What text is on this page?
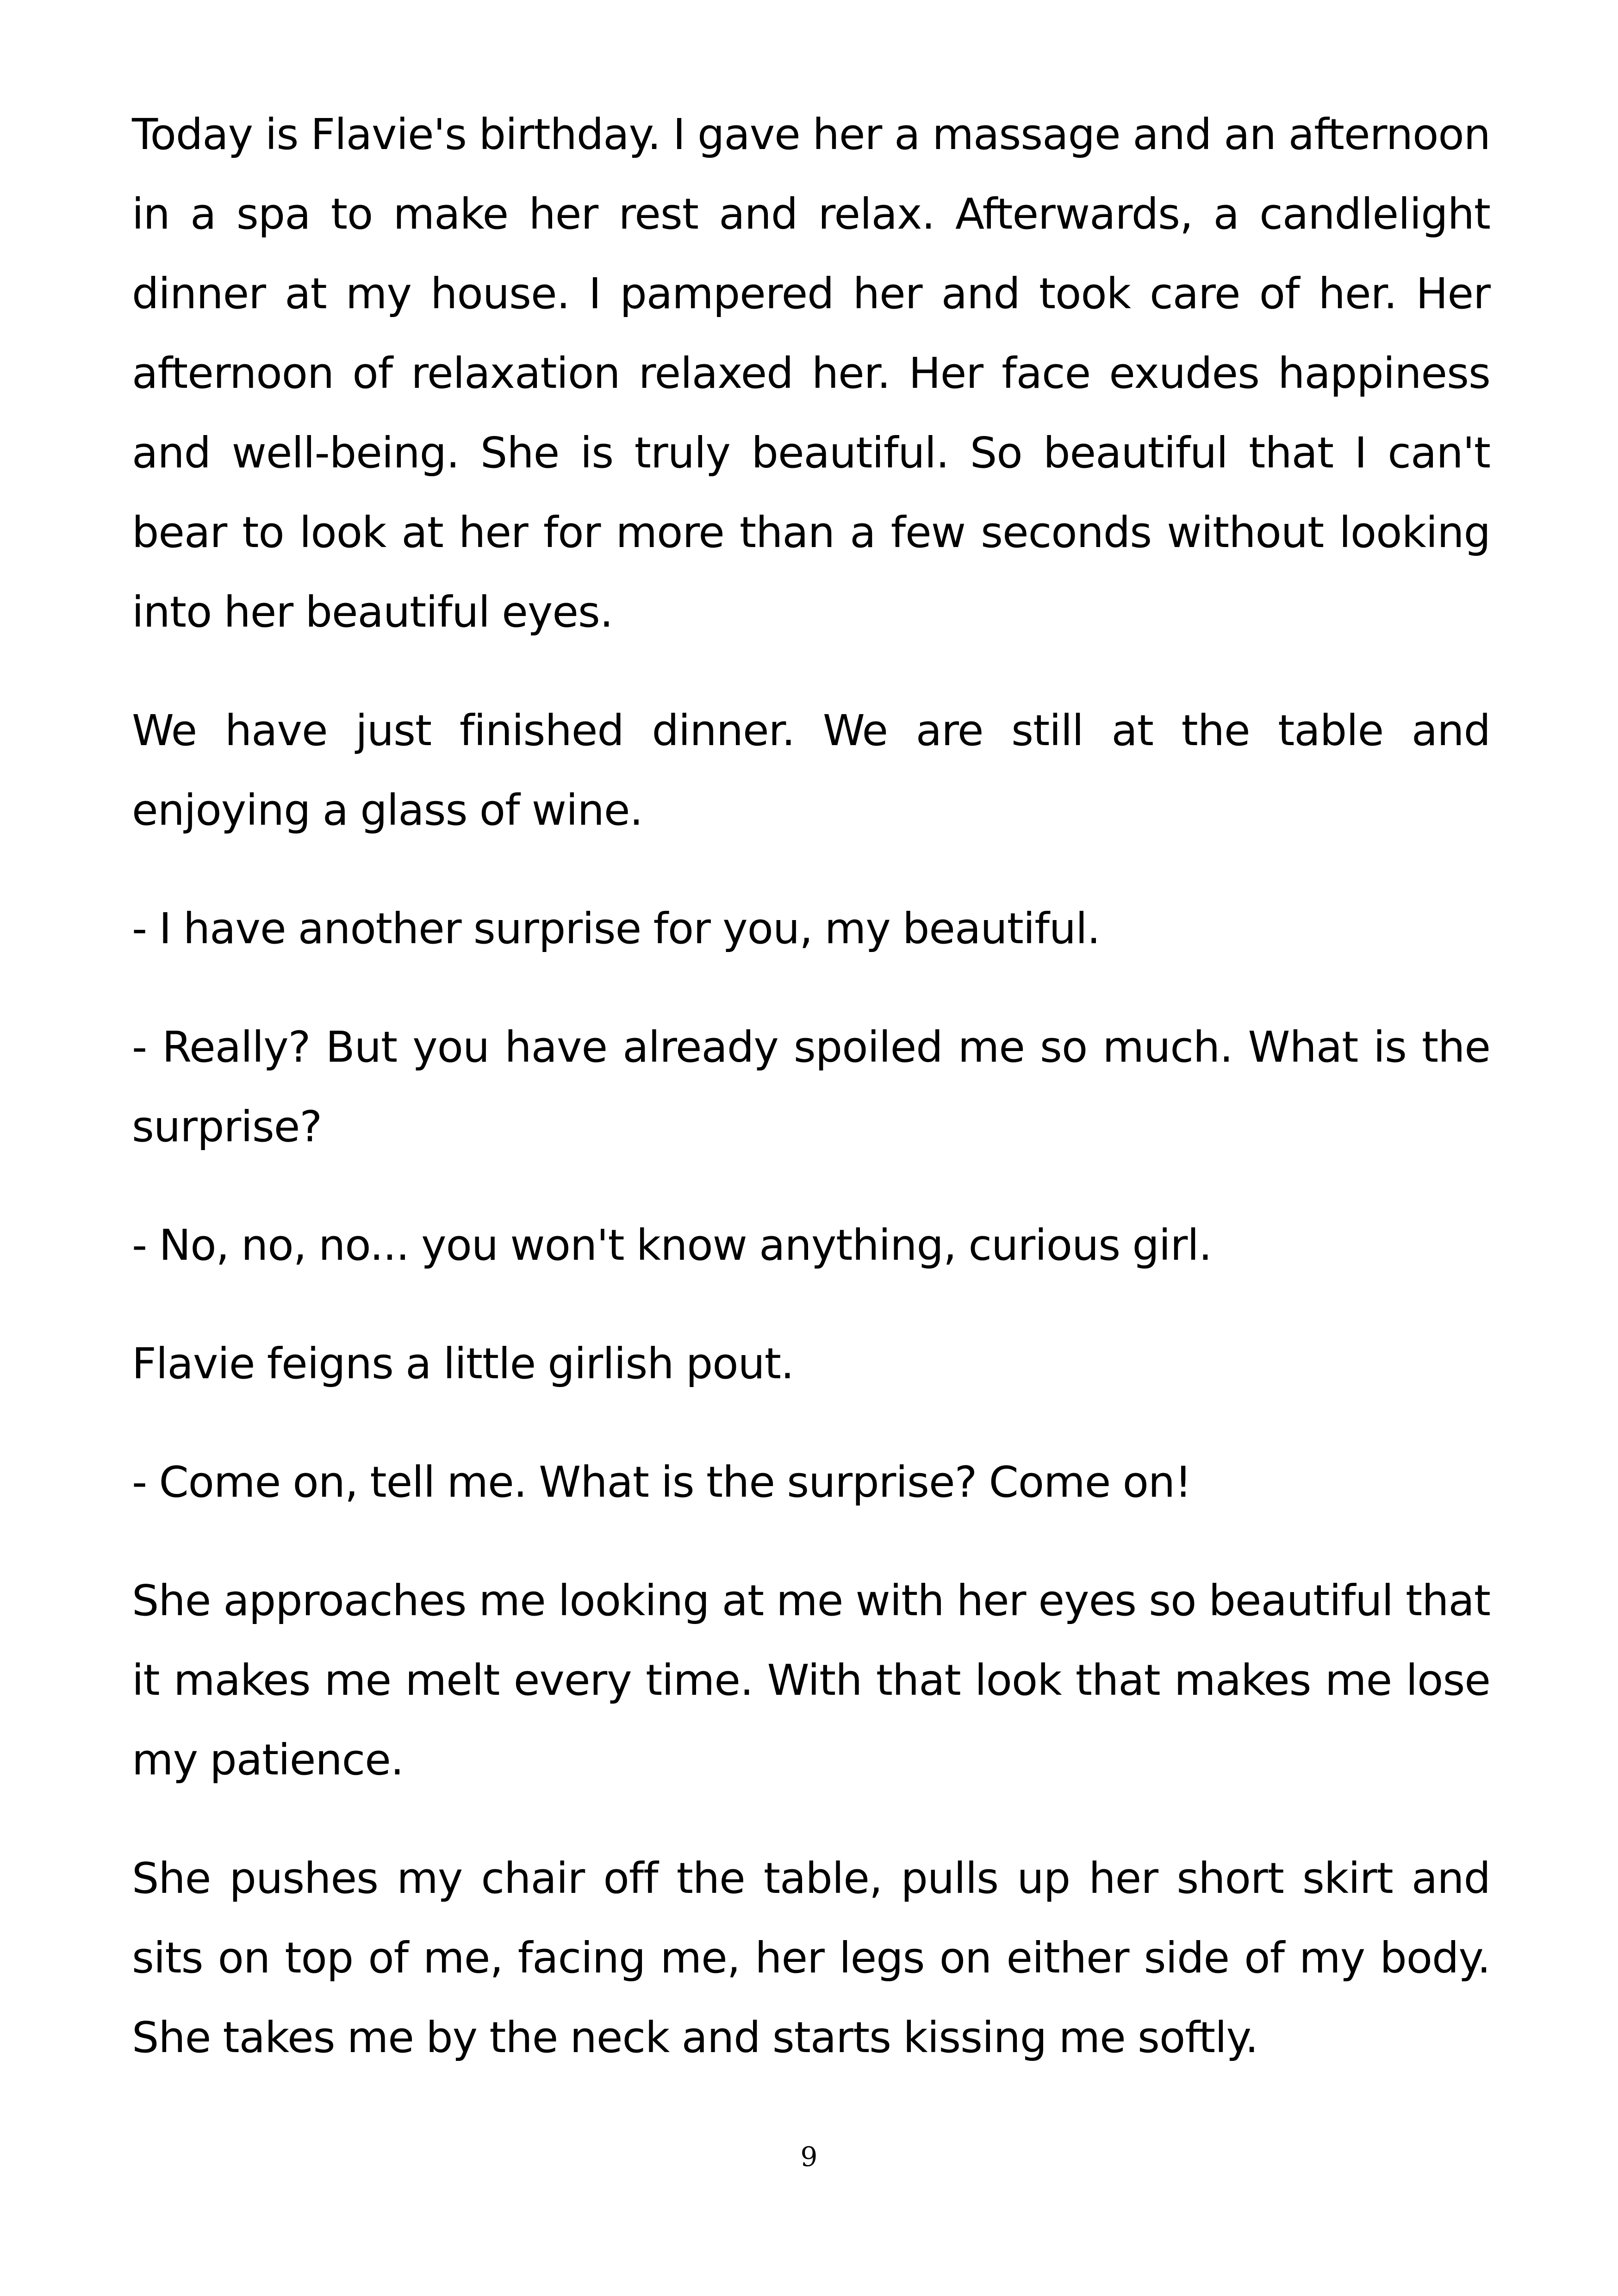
Today is Flavie's birthday. I gave her a massage and an afternoon in a spa to make her rest and relax. Afterwards, a candlelight dinner at my house. I pampered her and took care of her. Her afternoon of relaxation relaxed her. Her face exudes happiness and well-being. She is truly beautiful. So beautiful that I can't bear to look at her for more than a few seconds without looking into her beautiful eyes.

We have just finished dinner. We are still at the table and enjoying a glass of wine.

- I have another surprise for you, my beautiful.

- Really? But you have already spoiled me so much. What is the surprise?

- No, no, no... you won't know anything, curious girl.

Flavie feigns a little girlish pout.

- Come on, tell me. What is the surprise? Come on!

She approaches me looking at me with her eyes so beautiful that it makes me melt every time. With that look that makes me lose my patience.

She pushes my chair off the table, pulls up her short skirt and sits on top of me, facing me, her legs on either side of my body. She takes me by the neck and starts kissing me softly.

9
